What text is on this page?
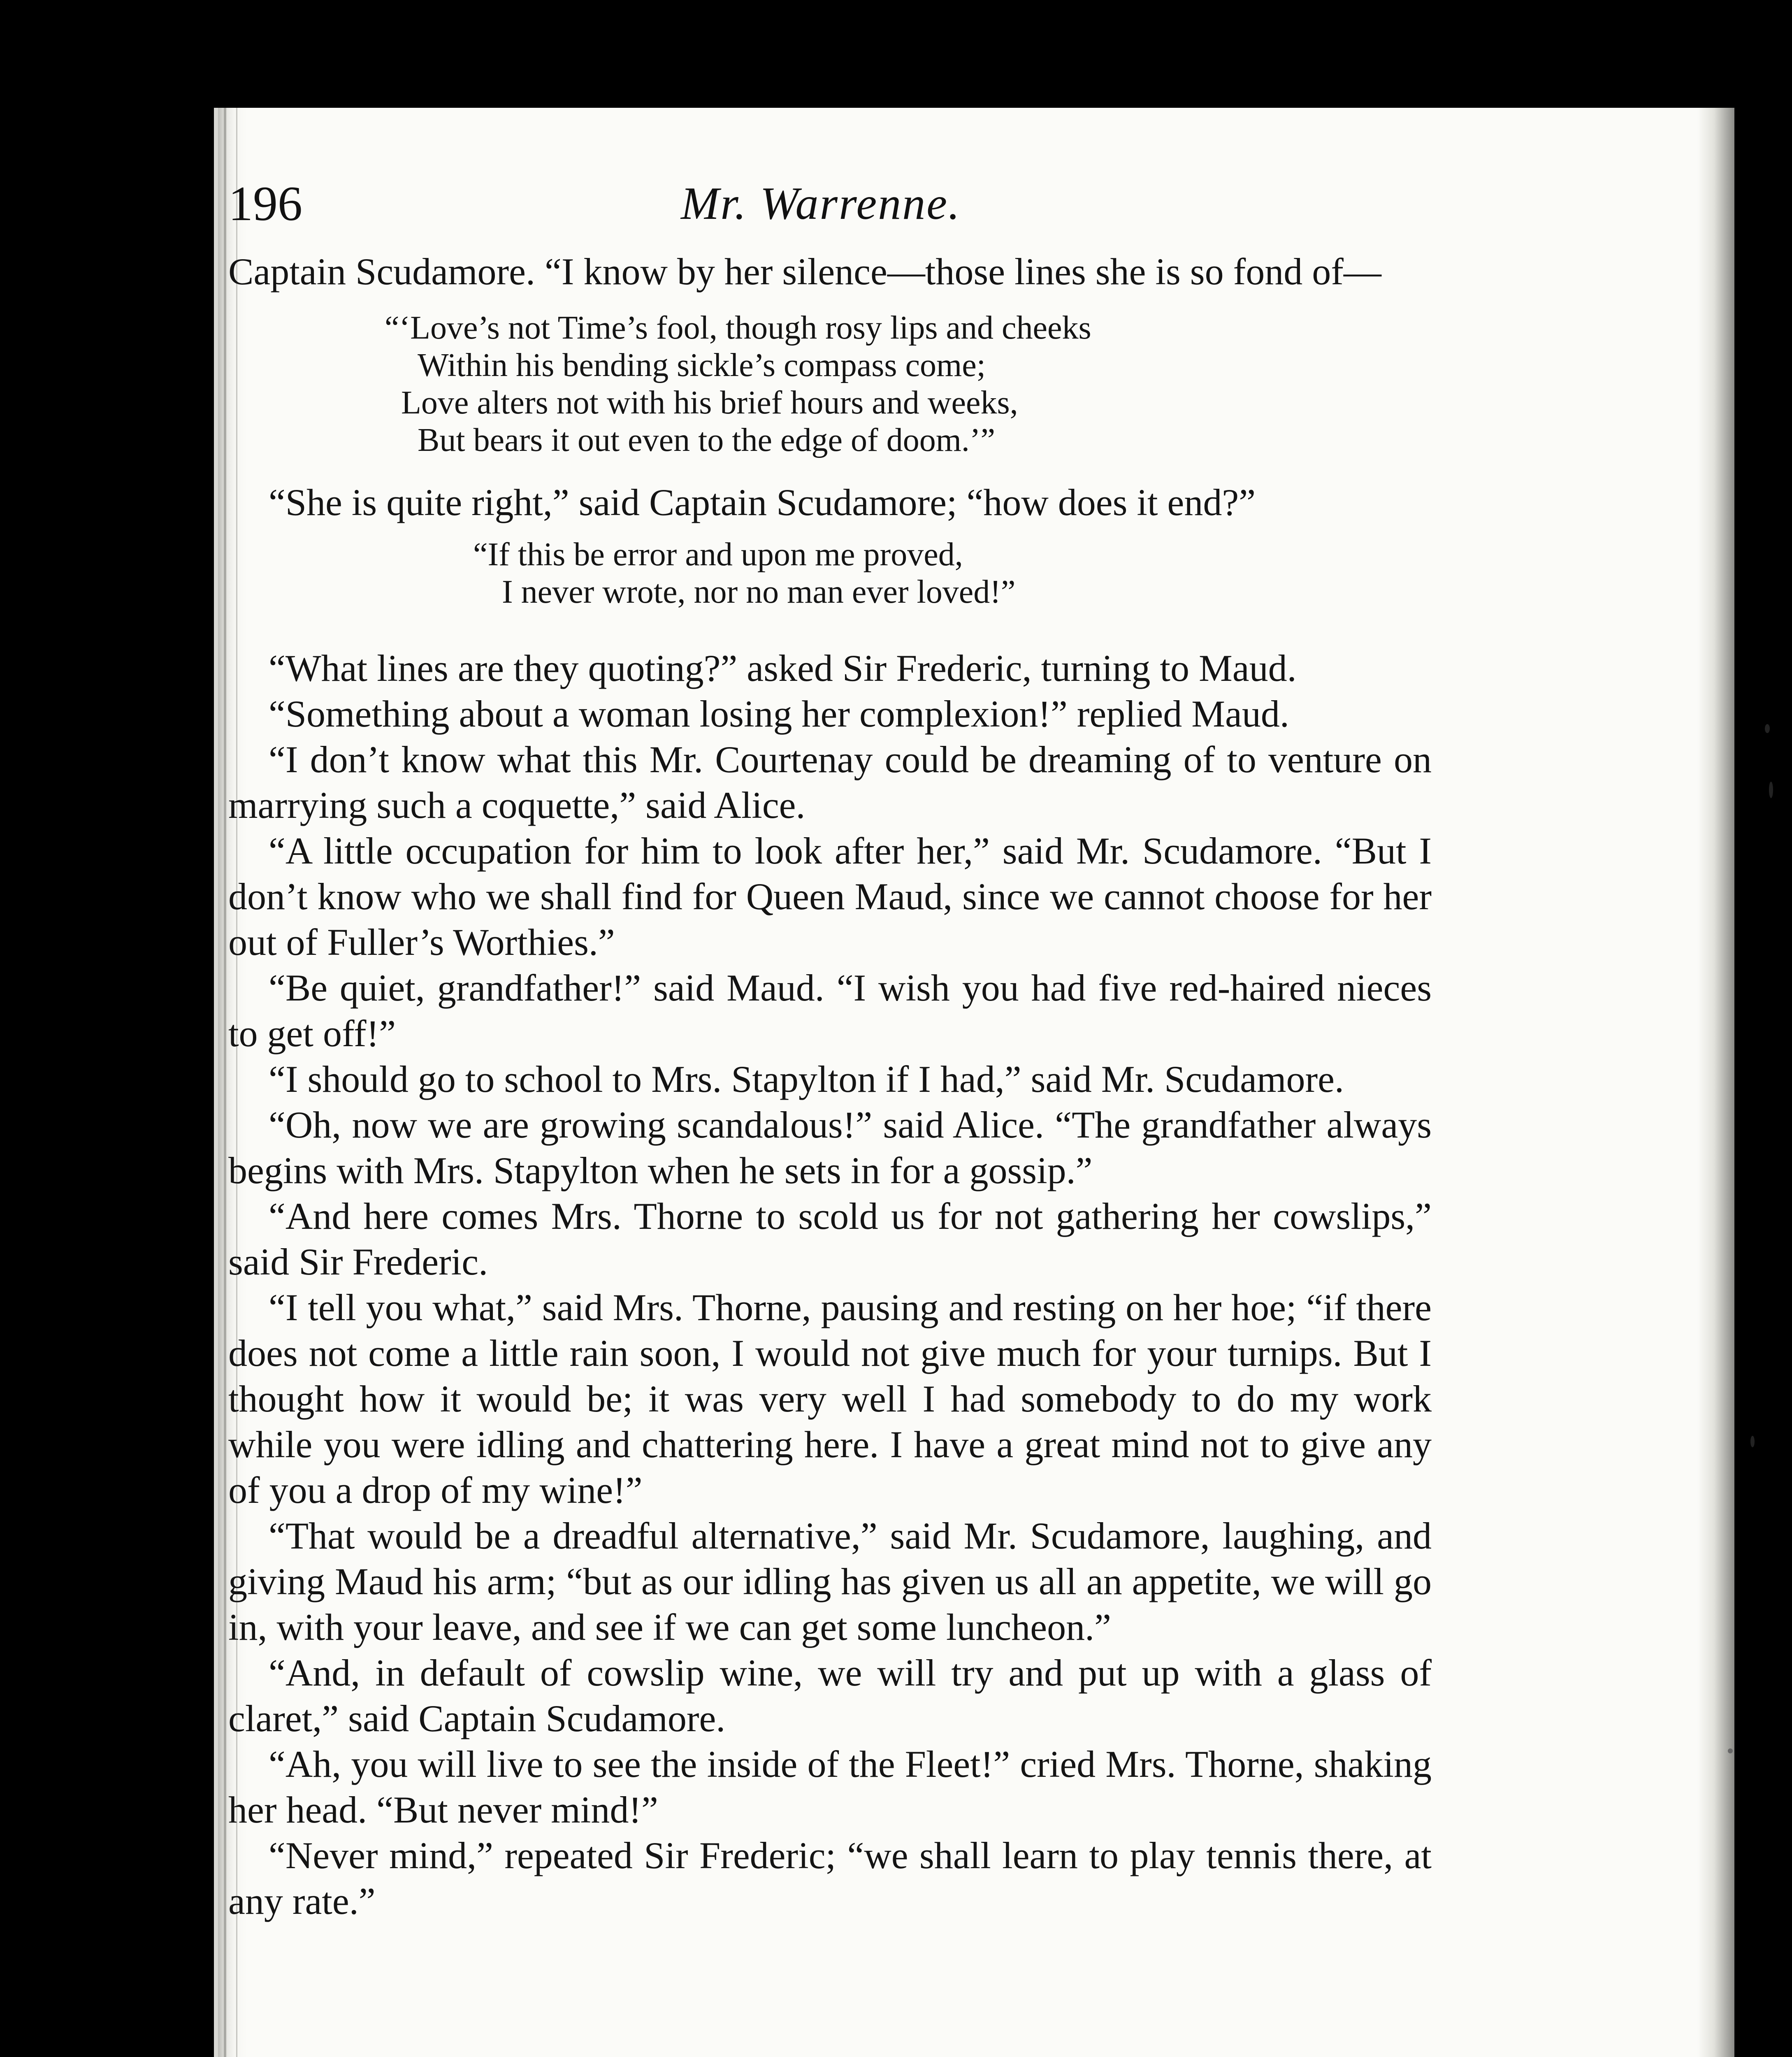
196	Mr. Warrenne.

Captain Scudamore. “I know by her silence—those lines she is so fond of—

“‘Love’s not Time’s fool, though rosy lips and cheeks
Within his bending sickle’s compass come;
Love alters not with his brief hours and weeks,
But bears it out even to the edge of doom.’”

“She is quite right,” said Captain Scudamore; “how does it end?”

“If this be error and upon me proved,
I never wrote, nor no man ever loved!”

“What lines are they quoting?” asked Sir Frederic, turning to Maud.

“Something about a woman losing her complexion!” replied Maud.

“I don’t know what this Mr. Courtenay could be dreaming of to venture on marrying such a coquette,” said Alice.

“A little occupation for him to look after her,” said Mr. Scudamore. “But I don’t know who we shall find for Queen Maud, since we cannot choose for her out of Fuller’s Worthies.”

“Be quiet, grandfather!” said Maud. “I wish you had five red-haired nieces to get off!”

“I should go to school to Mrs. Stapylton if I had,” said Mr. Scudamore.

“Oh, now we are growing scandalous!” said Alice. “The grandfather always begins with Mrs. Stapylton when he sets in for a gossip.”

“And here comes Mrs. Thorne to scold us for not gathering her cowslips,” said Sir Frederic.

“I tell you what,” said Mrs. Thorne, pausing and resting on her hoe; “if there does not come a little rain soon, I would not give much for your turnips. But I thought how it would be; it was very well I had somebody to do my work while you were idling and chattering here. I have a great mind not to give any of you a drop of my wine!”

“That would be a dreadful alternative,” said Mr. Scudamore, laughing, and giving Maud his arm; “but as our idling has given us all an appetite, we will go in, with your leave, and see if we can get some luncheon.”

“And, in default of cowslip wine, we will try and put up with a glass of claret,” said Captain Scudamore.

“Ah, you will live to see the inside of the Fleet!” cried Mrs. Thorne, shaking her head. “But never mind!”

“Never mind,” repeated Sir Frederic; “we shall learn to play tennis there, at any rate.”
